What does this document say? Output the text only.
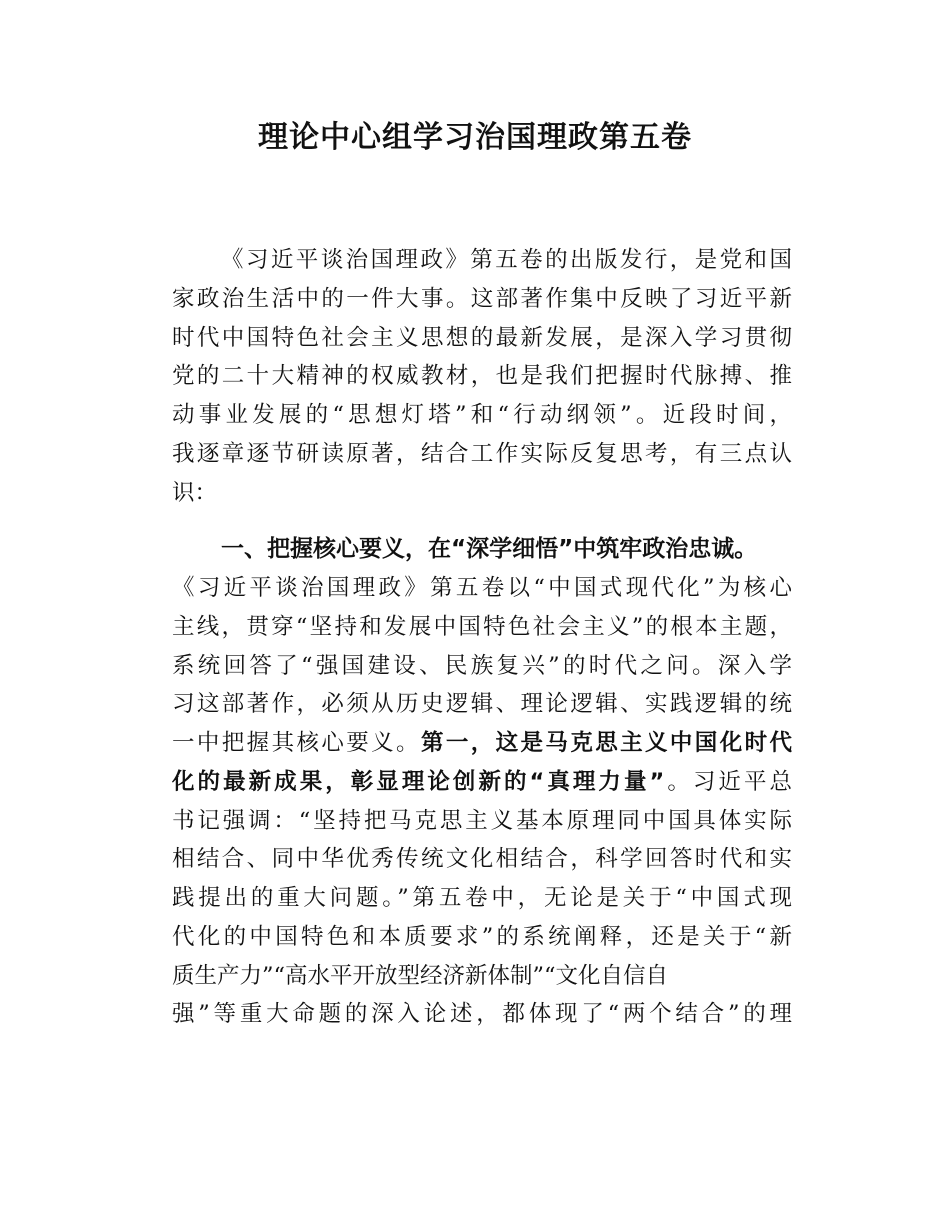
理论中心组学习治国理政第五卷
《习近平谈治国理政》第五卷的出版发行，是党和国
家政治生活中的一件大事。这部著作集中反映了习近平新
时代中国特色社会主义思想的最新发展，是深入学习贯彻
党的二十大精神的权威教材，也是我们把握时代脉搏、推
动事业发展的“思想灯塔”和“行动纲领”。近段时间，
我逐章逐节研读原著，结合工作实际反复思考，有三点认
识：
一、把握核心要义，在“深学细悟”中筑牢政治忠诚。
《习近平谈治国理政》第五卷以“中国式现代化”为核心
主线，贯穿“坚持和发展中国特色社会主义”的根本主题，
系统回答了“强国建设、民族复兴”的时代之问。深入学
习这部著作，必须从历史逻辑、理论逻辑、实践逻辑的统
一中把握其核心要义。第一，这是马克思主义中国化时代
化的最新成果，彰显理论创新的“真理力量”。习近平总
书记强调：“坚持把马克思主义基本原理同中国具体实际
相结合、同中华优秀传统文化相结合，科学回答时代和实
践提出的重大问题。”第五卷中，无论是关于“中国式现
代化的中国特色和本质要求”的系统阐释，还是关于“新
质生产力”“高水平开放型经济新体制”“文化自信自
强”等重大命题的深入论述，都体现了“两个结合”的理
